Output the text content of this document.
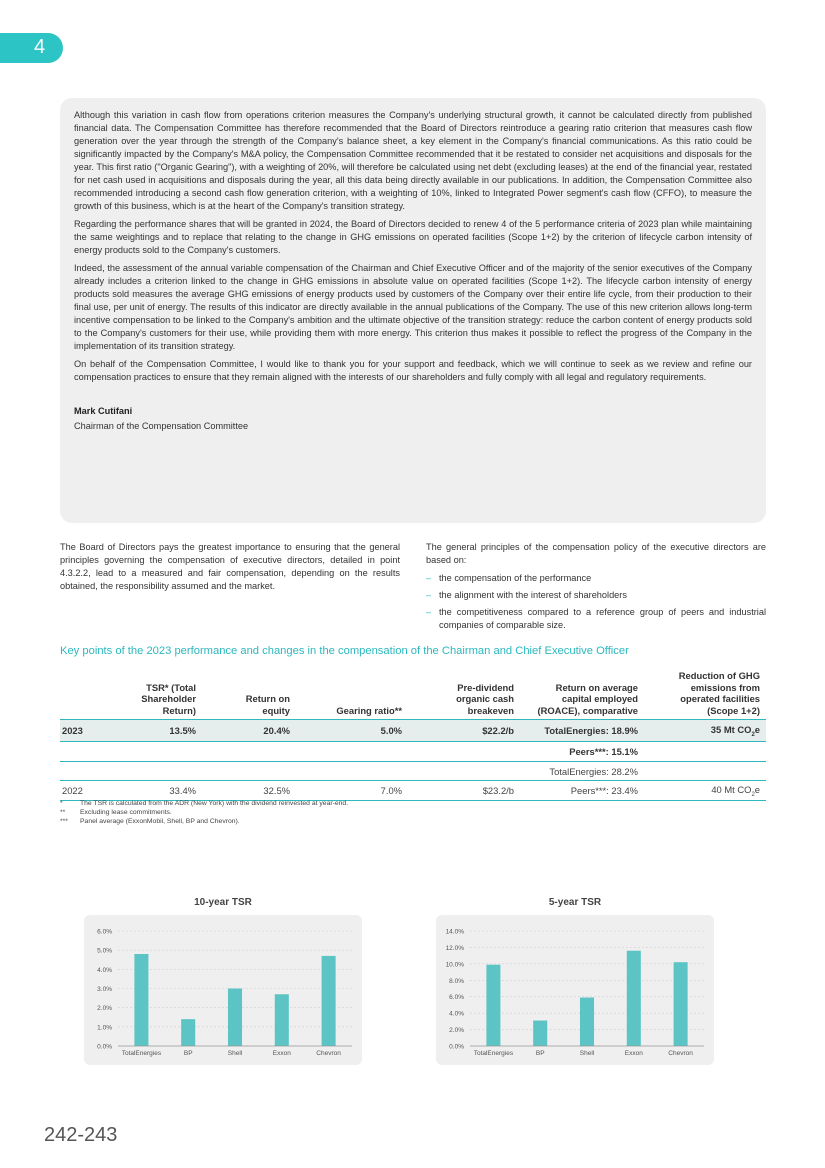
4

Although this variation in cash flow from operations criterion measures the Company's underlying structural growth, it cannot be calculated directly from published financial data. The Compensation Committee has therefore recommended that the Board of Directors reintroduce a gearing ratio criterion that measures cash flow generation over the year through the strength of the Company's balance sheet, a key element in the Company's financial communications. As this ratio could be significantly impacted by the Company's M&A policy, the Compensation Committee recommended that it be restated to consider net acquisitions and disposals for the year. This first ratio ("Organic Gearing"), with a weighting of 20%, will therefore be calculated using net debt (excluding leases) at the end of the financial year, restated for net cash used in acquisitions and disposals during the year, all this data being directly available in our publications. In addition, the Compensation Committee also recommended introducing a second cash flow generation criterion, with a weighting of 10%, linked to Integrated Power segment's cash flow (CFFO), to measure the growth of this business, which is at the heart of the Company's transition strategy.

Regarding the performance shares that will be granted in 2024, the Board of Directors decided to renew 4 of the 5 performance criteria of 2023 plan while maintaining the same weightings and to replace that relating to the change in GHG emissions on operated facilities (Scope 1+2) by the criterion of lifecycle carbon intensity of energy products sold to the Company's customers.

Indeed, the assessment of the annual variable compensation of the Chairman and Chief Executive Officer and of the majority of the senior executives of the Company already includes a criterion linked to the change in GHG emissions in absolute value on operated facilities (Scope 1+2). The lifecycle carbon intensity of energy products sold measures the average GHG emissions of energy products used by customers of the Company over their entire life cycle, from their production to their final use, per unit of energy. The results of this indicator are directly available in the annual publications of the Company. The use of this new criterion allows long-term incentive compensation to be linked to the Company's ambition and the ultimate objective of the transition strategy: reduce the carbon content of energy products sold to the Company's customers for their use, while providing them with more energy. This criterion thus makes it possible to reflect the progress of the Company in the implementation of its transition strategy.

On behalf of the Compensation Committee, I would like to thank you for your support and feedback, which we will continue to seek as we review and refine our compensation practices to ensure that they remain aligned with the interests of our shareholders and fully comply with all legal and regulatory requirements.

Mark Cutifani
Chairman of the Compensation Committee
The Board of Directors pays the greatest importance to ensuring that the general principles governing the compensation of executive directors, detailed in point 4.3.2.2, lead to a measured and fair compensation, depending on the results obtained, the responsibility assumed and the market.
The general principles of the compensation policy of the executive directors are based on:
– the compensation of the performance
– the alignment with the interest of shareholders
– the competitiveness compared to a reference group of peers and industrial companies of comparable size.
Key points of the 2023 performance and changes in the compensation of the Chairman and Chief Executive Officer

	TSR* (Total Shareholder Return)	Return on equity	Gearing ratio**	Pre-dividend organic cash breakeven	Return on average capital employed (ROACE), comparative	Reduction of GHG emissions from operated facilities (Scope 1+2)

2023	13.5%	20.4%	5.0%	$22.2/b	TotalEnergies: 18.9%	35 Mt $CO_2e$
					Peers***: 15.1%	
					TotalEnergies: 28.2%	
2022	33.4%	32.5%	7.0%	$23.2/b	Peers***: 23.4%	40 Mt $CO_2e$
*	The TSR is calculated from the ADR (New York) with the dividend reinvested at year-end.
** Excluding lease commitments.
*** Panel average (ExxonMobil, Shell, BP and Chevron).
10-year TSR
0.0%
1.0%
2.0%
3.0%
4.0%
5.0%
6.0%
TotalEnergies	BP	Shell	Exxon	Chevron
5-year TSR
0.0%
2.0%
4.0%
6.0%
8.0%
10.0%
12.0%
14.0%
TotalEnergies	BP	Shell	Exxon	Chevron
242-243
